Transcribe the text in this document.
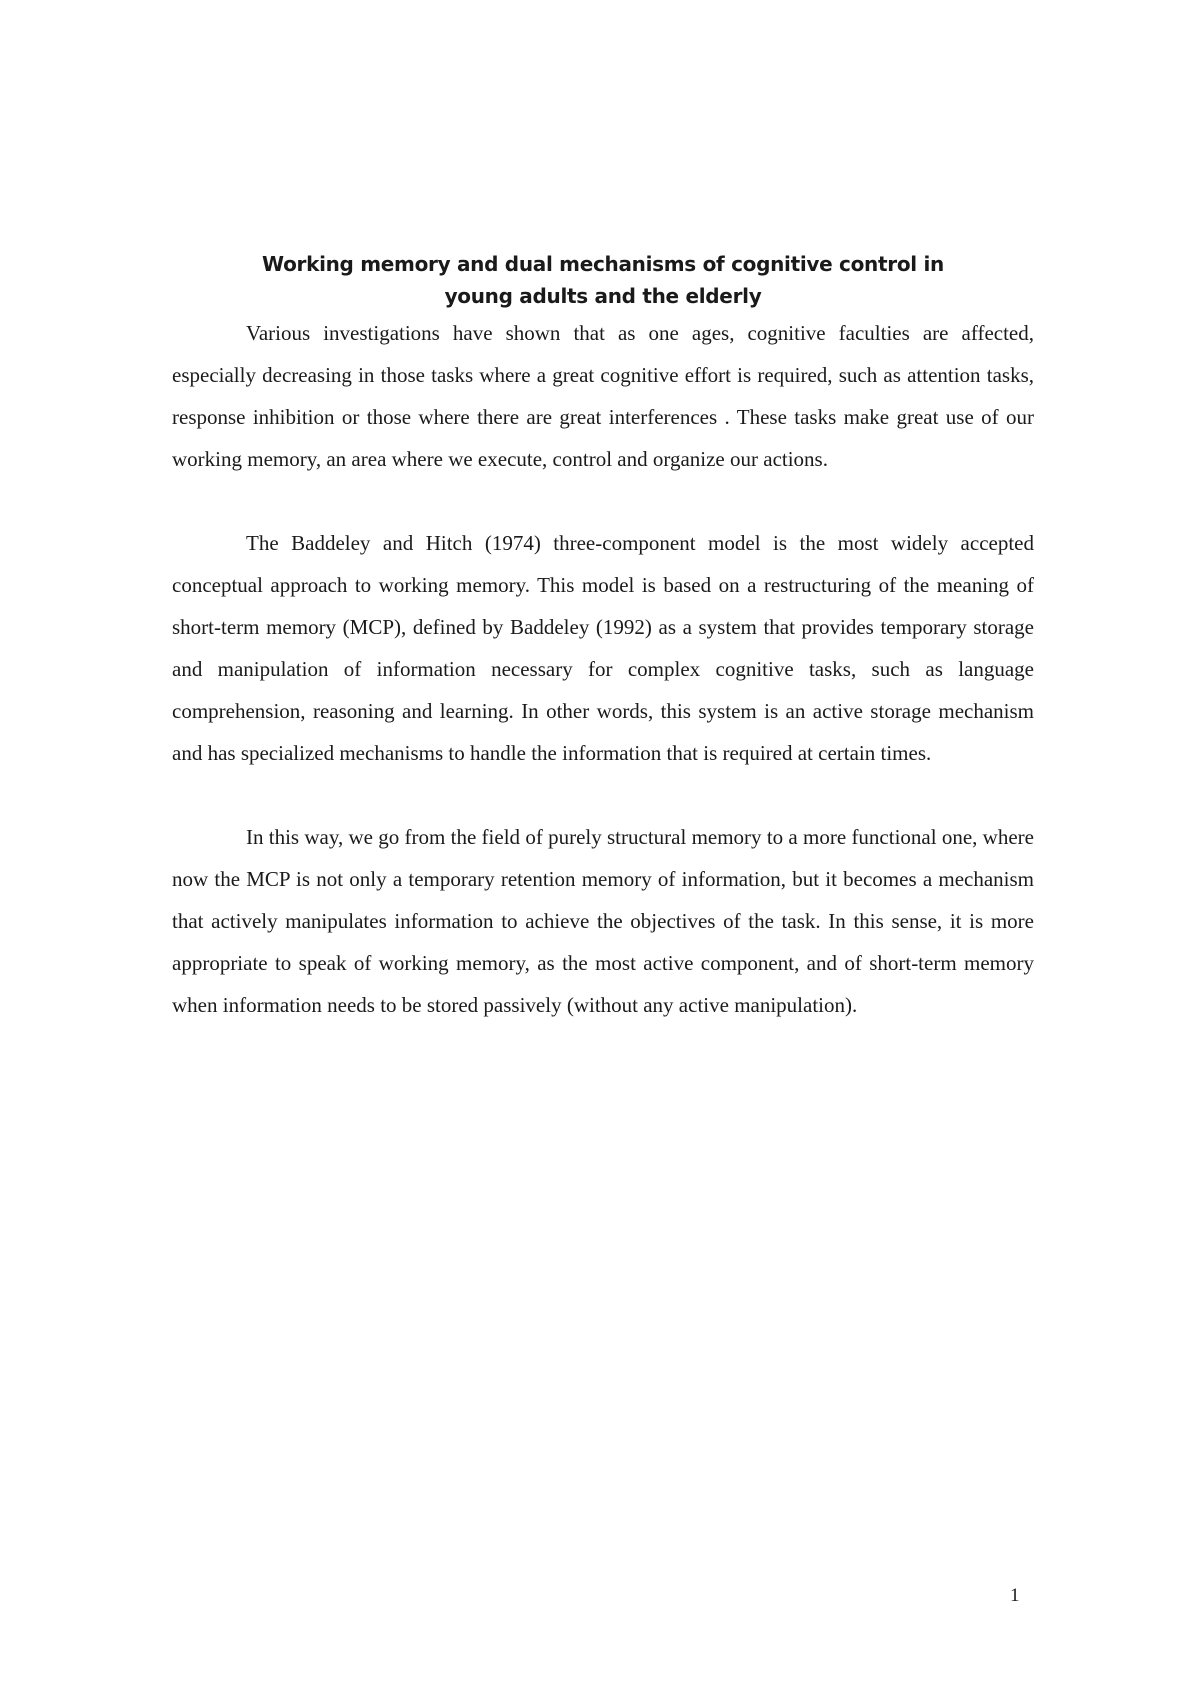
Working memory and dual mechanisms of cognitive control in
young adults and the elderly

Various investigations have shown that as one ages, cognitive faculties are affected, especially decreasing in those tasks where a great cognitive effort is required, such as attention tasks, response inhibition or those where there are great interferences . These tasks make great use of our working memory, an area where we execute, control and organize our actions.

The Baddeley and Hitch (1974) three-component model is the most widely accepted conceptual approach to working memory. This model is based on a restructuring of the meaning of short-term memory (MCP), defined by Baddeley (1992) as a system that provides temporary storage and manipulation of information necessary for complex cognitive tasks, such as language comprehension, reasoning and learning. In other words, this system is an active storage mechanism and has specialized mechanisms to handle the information that is required at certain times.

In this way, we go from the field of purely structural memory to a more functional one, where now the MCP is not only a temporary retention memory of information, but it becomes a mechanism that actively manipulates information to achieve the objectives of the task. In this sense, it is more appropriate to speak of working memory, as the most active component, and of short-term memory when information needs to be stored passively (without any active manipulation).

1
